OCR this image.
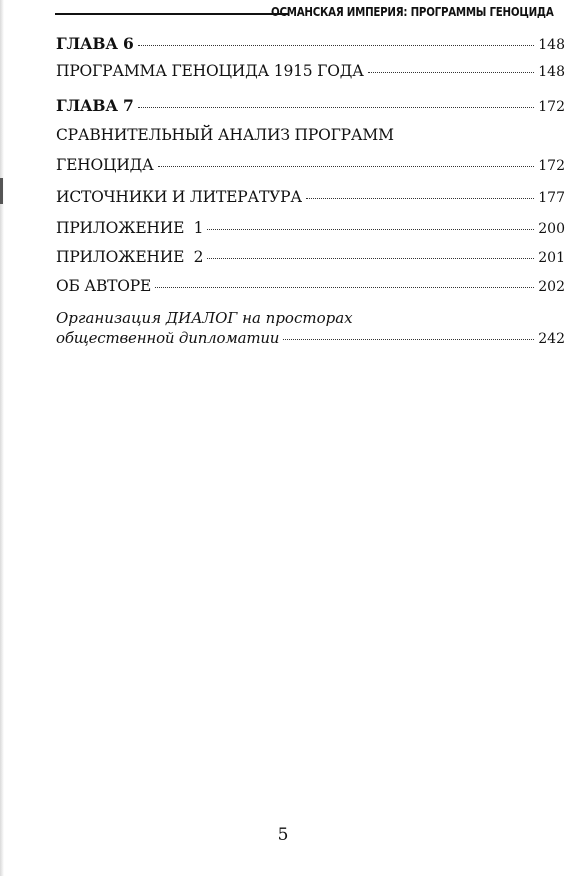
ОСМАНСКАЯ ИМПЕРИЯ: ПРОГРАММЫ ГЕНОЦИДА
ГЛАВА 6	148
ПРОГРАММА ГЕНОЦИДА 1915 ГОДА	148
ГЛАВА 7	172
СРАВНИТЕЛЬНЫЙ АНАЛИЗ ПРОГРАММ
ГЕНОЦИДА	172
ИСТОЧНИКИ И ЛИТЕРАТУРА	177
ПРИЛОЖЕНИЕ  1	200
ПРИЛОЖЕНИЕ  2	201
ОБ АВТОРЕ	202
Организация ДИАЛОГ на просторах
общественной дипломатии	242
5
